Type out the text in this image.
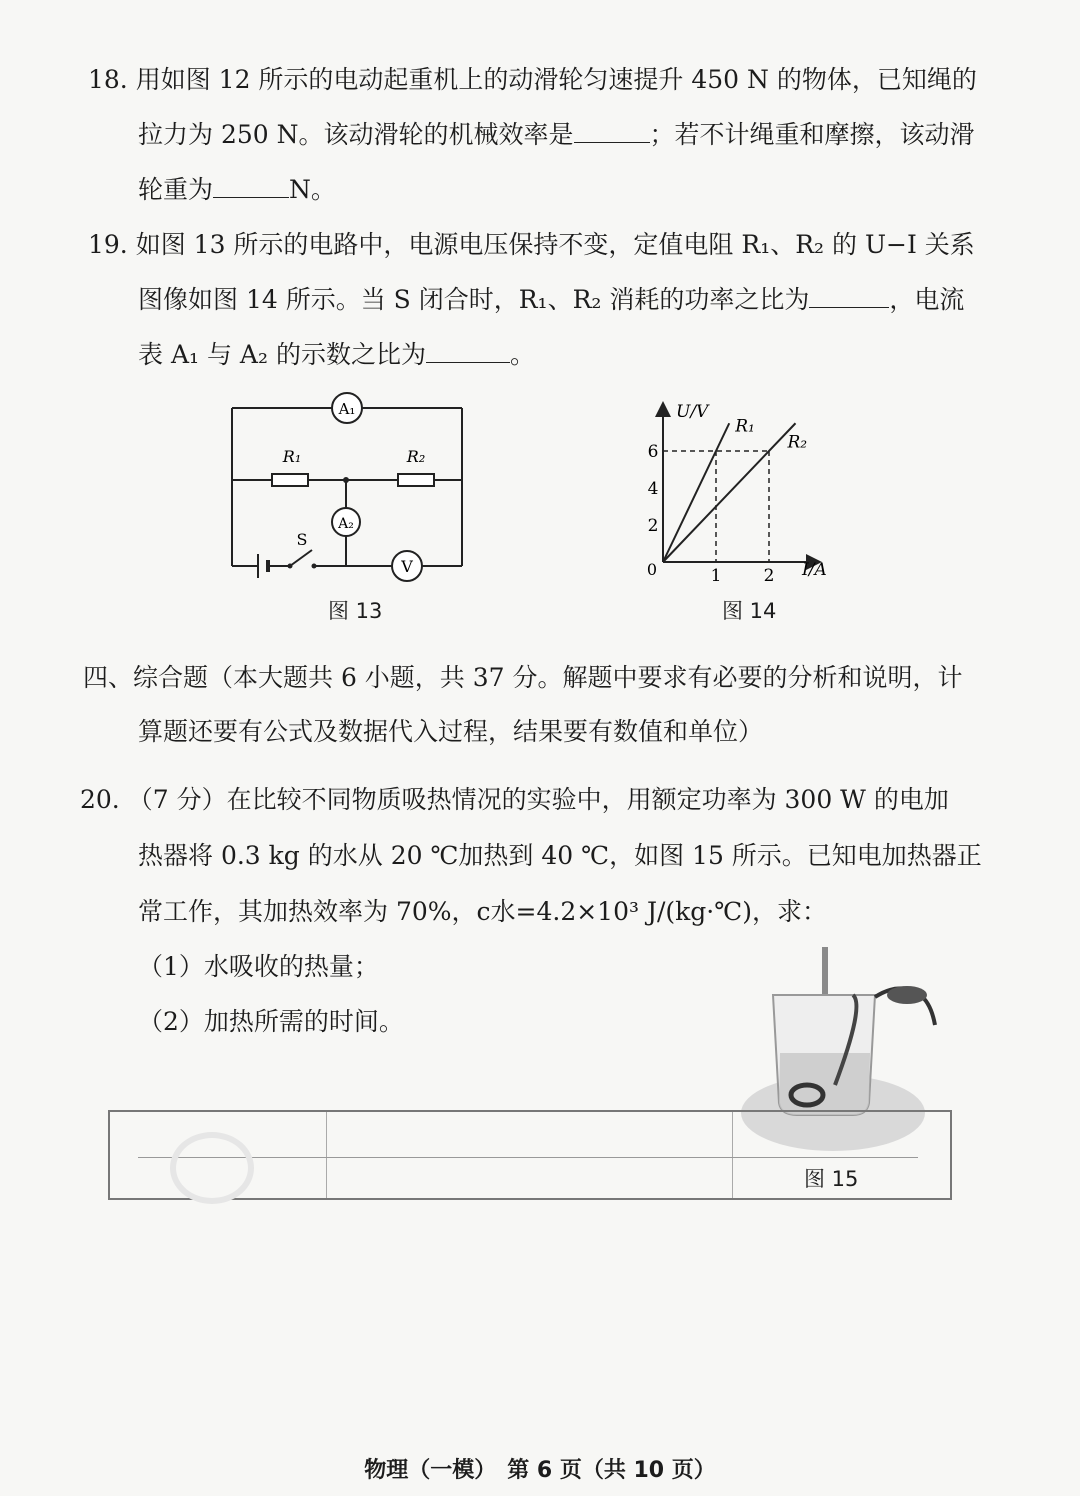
18. 用如图 12 所示的电动起重机上的动滑轮匀速提升 450 N 的物体，已知绳的
拉力为 250 N。该动滑轮的机械效率是	；若不计绳重和摩擦，该动滑
轮重为	N。
19. 如图 13 所示的电路中，电源电压保持不变，定值电阻 R₁、R₂ 的 U−I 关系
图像如图 14 所示。当 S 闭合时，R₁、R₂ 消耗的功率之比为	，电流
表 A₁ 与 A₂ 的示数之比为	。
A₁
R₁	R₂
A₂
S
V
图 13
2
4
6
1 2
R₁
R₂
U/V
I/A
0
图 14
四、综合题（本大题共 6 小题，共 37 分。解题中要求有必要的分析和说明，计
算题还要有公式及数据代入过程，结果要有数值和单位）
20. （7 分）在比较不同物质吸热情况的实验中，用额定功率为 300 W 的电加
热器将 0.3 kg 的水从 20 ℃加热到 40 ℃，如图 15 所示。已知电加热器正
常工作，其加热效率为 70%，c水=4.2×10³ J/(kg·℃)，求：
（1）水吸收的热量；
（2）加热所需的时间。
图 15
物理（一模）　第 6 页（共 10 页）
